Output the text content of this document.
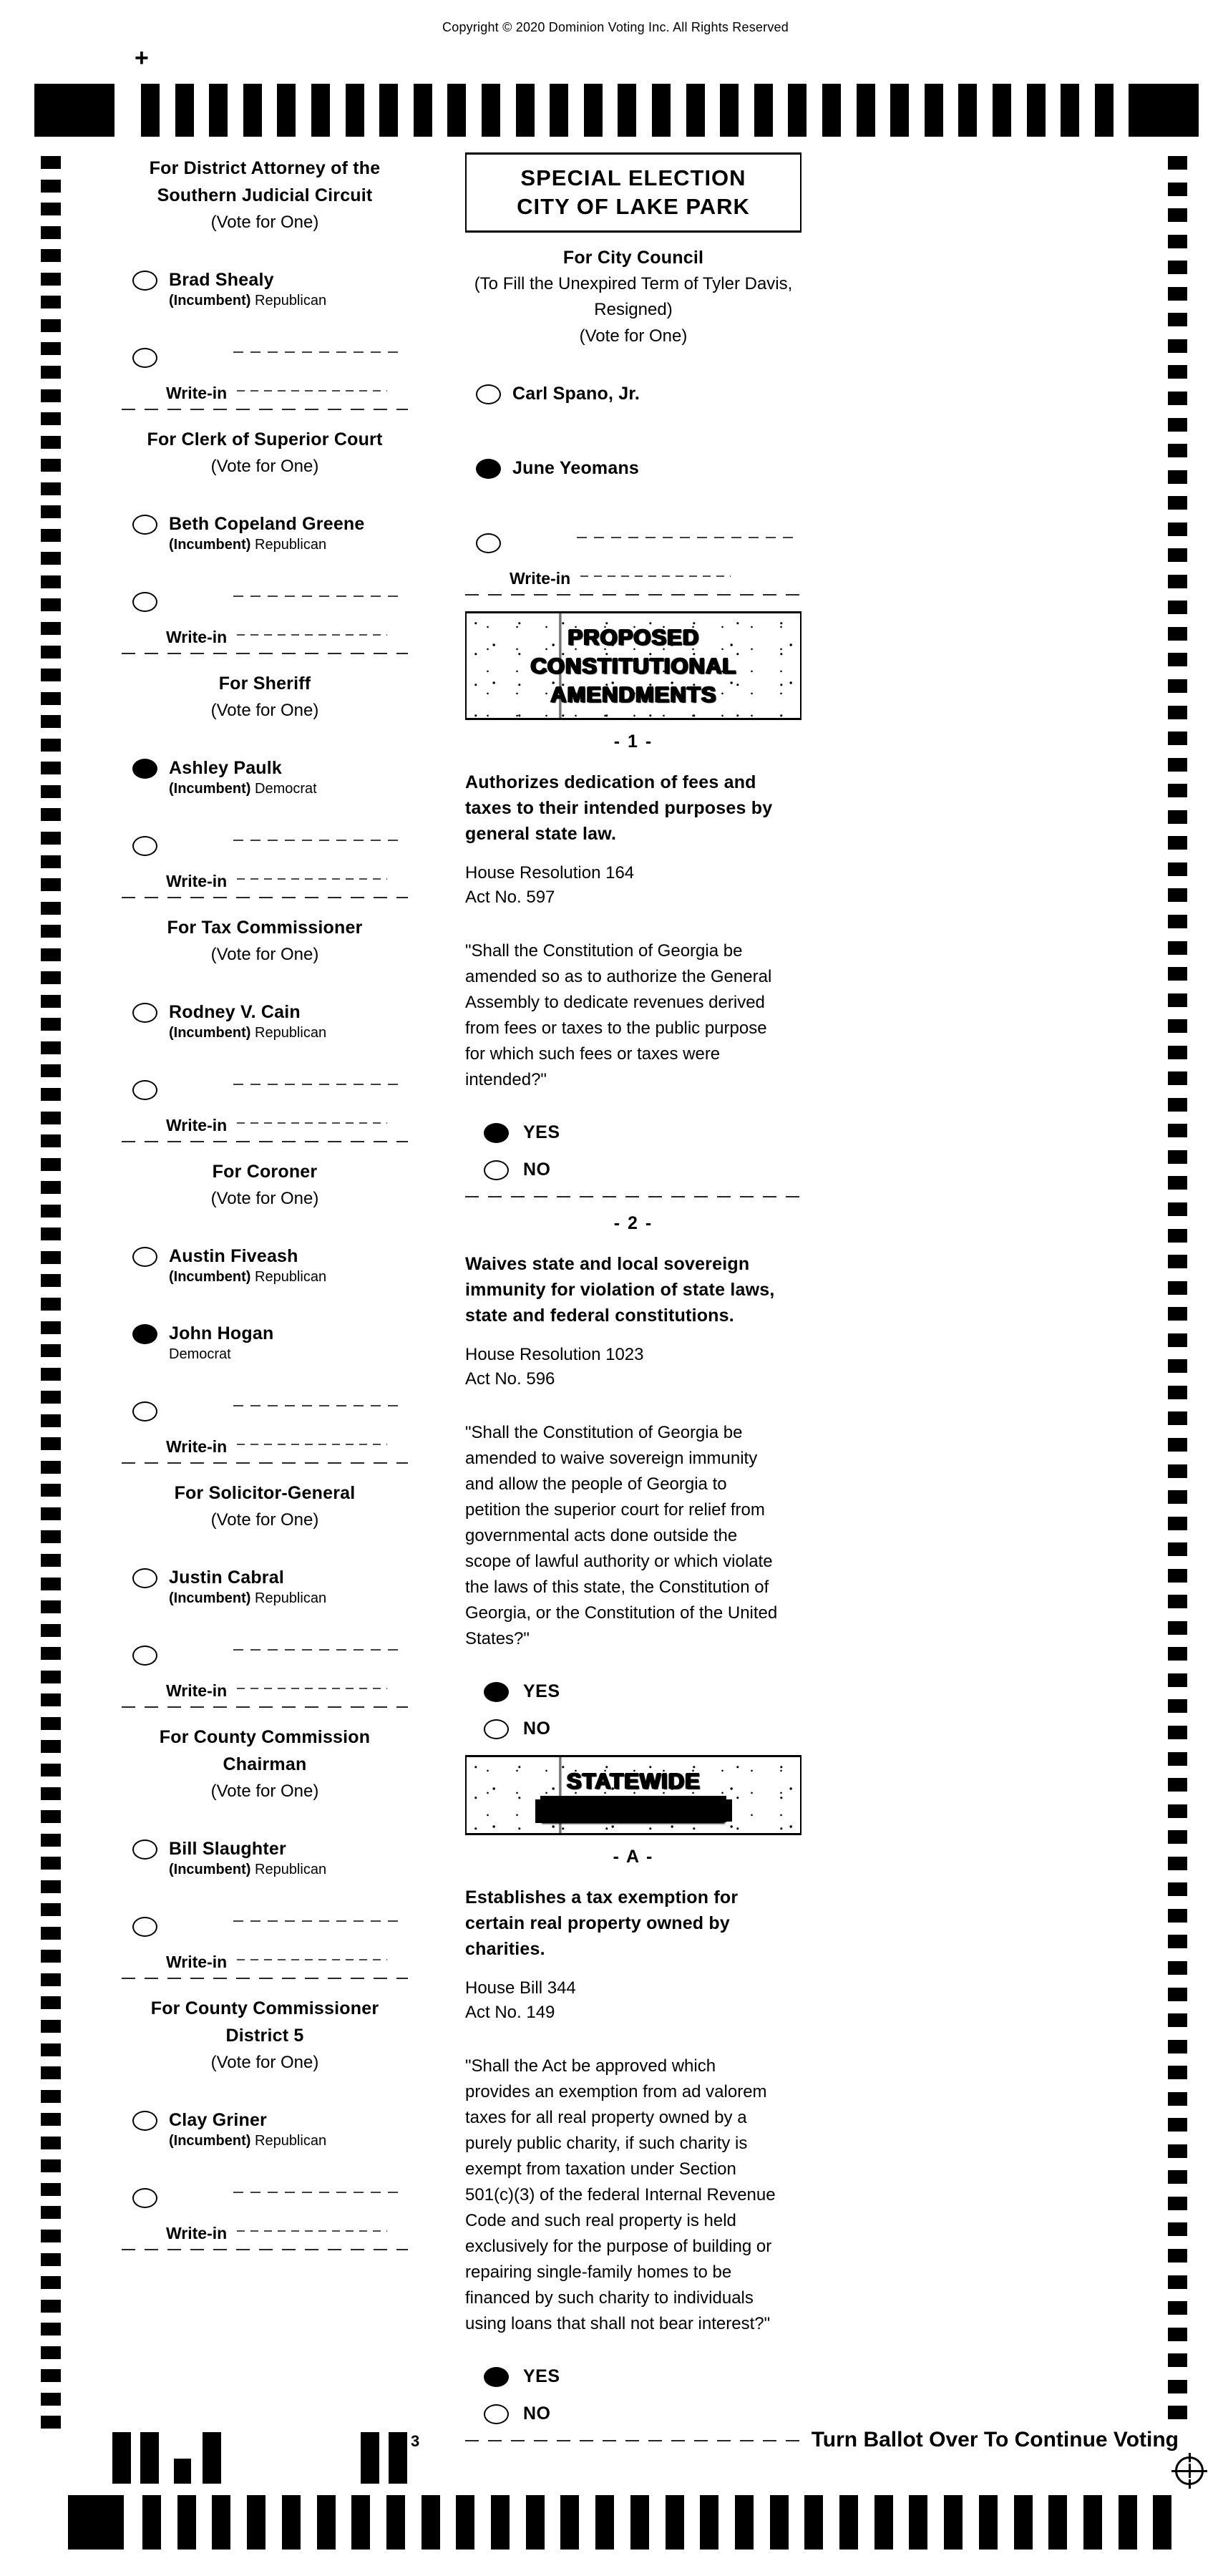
+
Copyright © 2020 Dominion Voting Inc. All Rights Reserved
For District Attorney of the
Southern Judicial Circuit
(Vote for One)
Brad Shealy
(Incumbent) Republican
Write-in
For Clerk of Superior Court
(Vote for One)
Beth Copeland Greene
(Incumbent) Republican
Write-in
For Sheriff
(Vote for One)
Ashley Paulk
(Incumbent) Democrat
Write-in
For Tax Commissioner
(Vote for One)
Rodney V. Cain
(Incumbent) Republican
Write-in
For Coroner
(Vote for One)
Austin Fiveash
(Incumbent) Republican
John Hogan
Democrat
Write-in
For Solicitor-General
(Vote for One)
Justin Cabral
(Incumbent) Republican
Write-in
For County Commission
Chairman
(Vote for One)
Bill Slaughter
(Incumbent) Republican
Write-in
For County Commissioner
District 5
(Vote for One)
Clay Griner
(Incumbent) Republican
Write-in
SPECIAL ELECTION
CITY OF LAKE PARK
For City Council
(To Fill the Unexpired Term of Tyler Davis,
Resigned)
(Vote for One)
Carl Spano, Jr.
June Yeomans
Write-in
PROPOSED
CONSTITUTIONAL
AMENDMENTS
- 1 -
Authorizes dedication of fees and
taxes to their intended purposes by
general state law.
House Resolution 164
Act No. 597
"Shall the Constitution of Georgia be
amended so as to authorize the General
Assembly to dedicate revenues derived
from fees or taxes to the public purpose
for which such fees or taxes were
intended?"
YES
NO
- 2 -
Waives state and local sovereign
immunity for violation of state laws,
state and federal constitutions.
House Resolution 1023
Act No. 596
"Shall the Constitution of Georgia be
amended to waive sovereign immunity
and allow the people of Georgia to
petition the superior court for relief from
governmental acts done outside the
scope of lawful authority or which violate
the laws of this state, the Constitution of
Georgia, or the Constitution of the United
States?"
YES
NO
STATEWIDE
REFERENDUM
- A -
Establishes a tax exemption for
certain real property owned by
charities.
House Bill 344
Act No. 149
"Shall the Act be approved which
provides an exemption from ad valorem
taxes for all real property owned by a
purely public charity, if such charity is
exempt from taxation under Section
501(c)(3) of the federal Internal Revenue
Code and such real property is held
exclusively for the purpose of building or
repairing single-family homes to be
financed by such charity to individuals
using loans that shall not bear interest?"
YES
NO
3	Turn Ballot Over To Continue Voting
